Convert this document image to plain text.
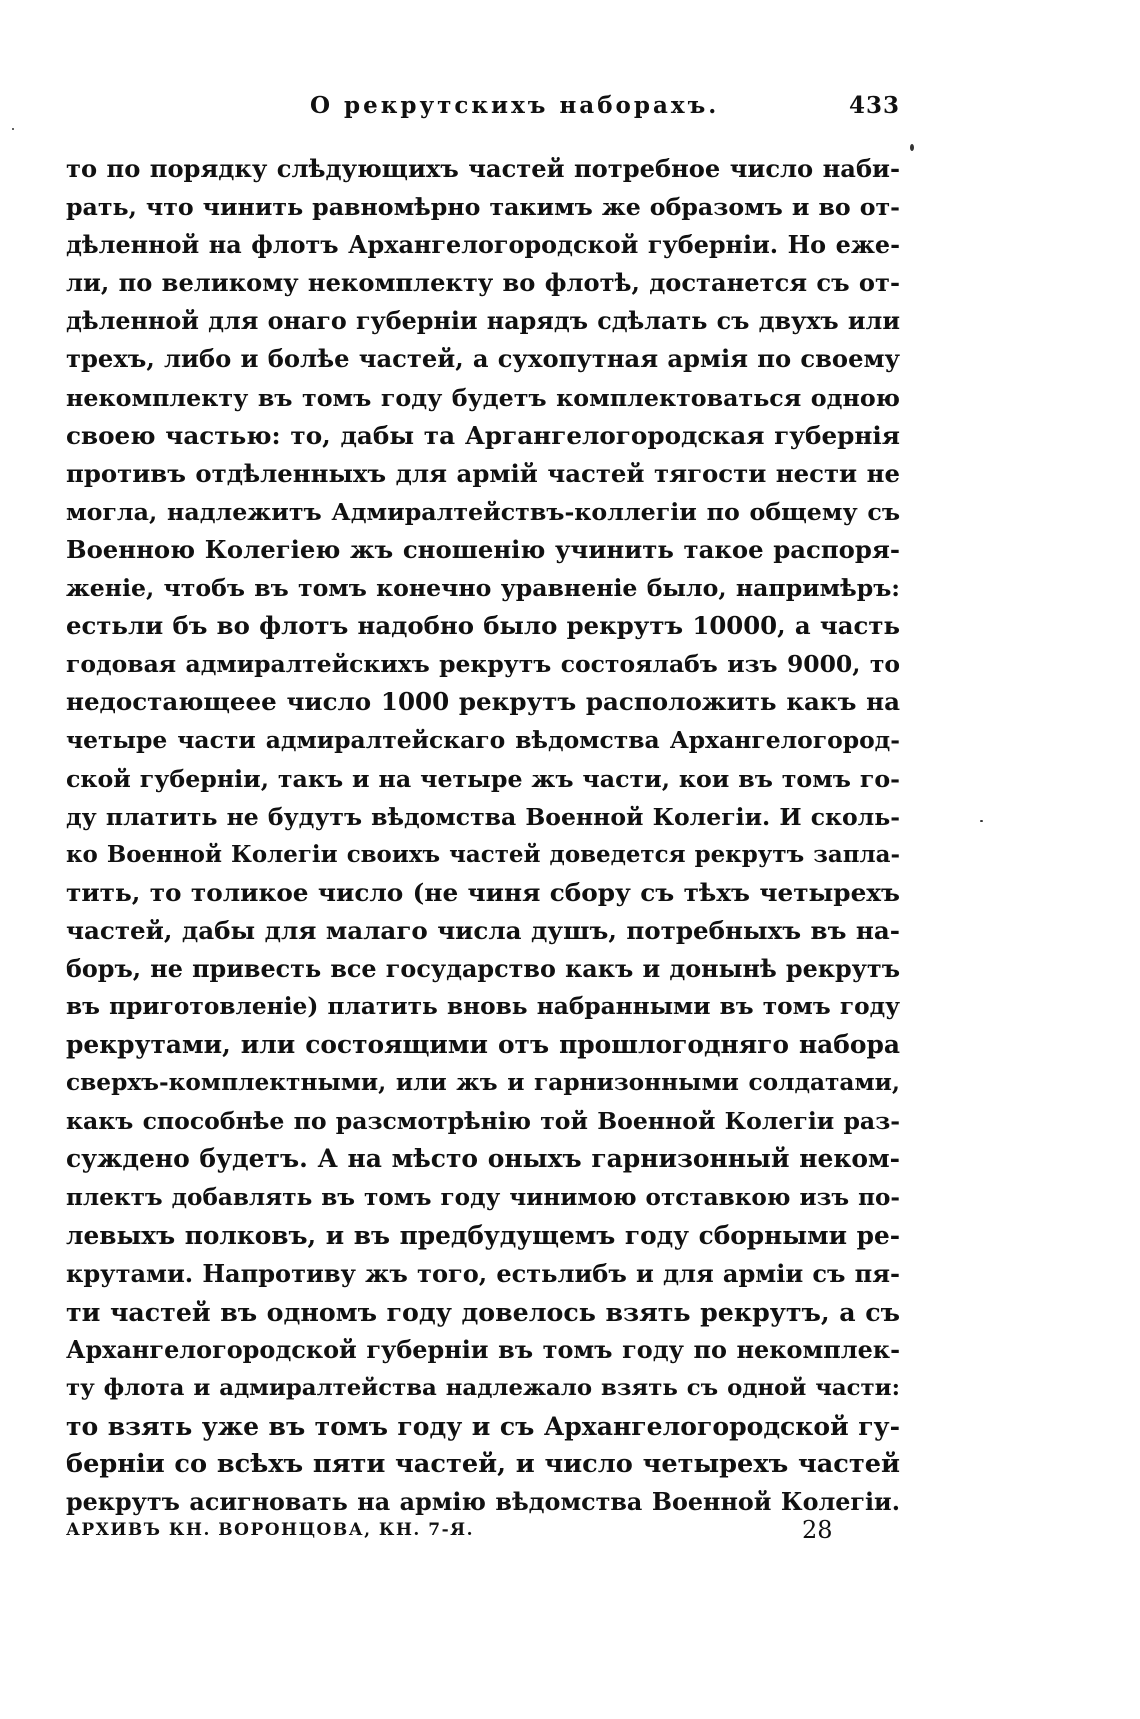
О рекрутскихъ наборахъ.	433
то по порядку слѣдующихъ частей потребное число наби-
рать, что чинить равномѣрно такимъ же образомъ и во от-
дѣленной на флотъ Архангелогородской губерніи. Но еже-
ли, по великому некомплекту во флотѣ, достанется съ от-
дѣленной для онаго губерніи нарядъ сдѣлать съ двухъ или
трехъ, либо и болѣе частей, а сухопутная армія по своему
некомплекту въ томъ году будетъ комплектоваться одною
своею частью: то, дабы та Аргангелогородская губернія
противъ отдѣленныхъ для армій частей тягости нести не
могла, надлежитъ Адмиралтействъ-коллегіи по общему съ
Военною Колегіею жъ сношенію учинить такое распоря-
женіе, чтобъ въ томъ конечно уравненіе было, напримѣръ:
естьли бъ во флотъ надобно было рекрутъ 10000, а часть
годовая адмиралтейскихъ рекрутъ состоялабъ изъ 9000, то
недостающееe число 1000 рекрутъ расположить какъ на
четыре части адмиралтейскаго вѣдомства Архангелогород-
ской губерніи, такъ и на четыре жъ части, кои въ томъ го-
ду платить не будутъ вѣдомства Военной Колегіи. И сколь-
ко Военной Колегіи своихъ частей доведется рекрутъ запла-
тить, то толикое число (не чиня сбору съ тѣхъ четырехъ
частей, дабы для малаго числа душъ, потребныхъ въ на-
боръ, не привесть все государство какъ и донынѣ рекрутъ
въ приготовленіе) платить вновь набранными въ томъ году
рекрутами, или состоящими отъ прошлогодняго набора
сверхъ-комплектными, или жъ и гарнизонными солдатами,
какъ способнѣе по разсмотрѣнію той Военной Колегіи раз-
суждено будетъ. А на мѣсто оныхъ гарнизонный неком-
плектъ добавлять въ томъ году чинимою отставкою изъ по-
левыхъ полковъ, и въ предбудущемъ году сборными ре-
крутами. Напротиву жъ того, естьлибъ и для арміи съ пя-
ти частей въ одномъ году довелось взять рекрутъ, а съ
Архангелогородской губерніи въ томъ году по некомплек-
ту флота и адмиралтейства надлежало взять съ одной части:
то взять уже въ томъ году и съ Архангелогородской гу-
берніи со всѣхъ пяти частей, и число четырехъ частей
рекрутъ асигновать на армію вѣдомства Военной Колегіи.
АРХИВЪ КН. ВОРОНЦОВА, КН. 7-Я.	28
